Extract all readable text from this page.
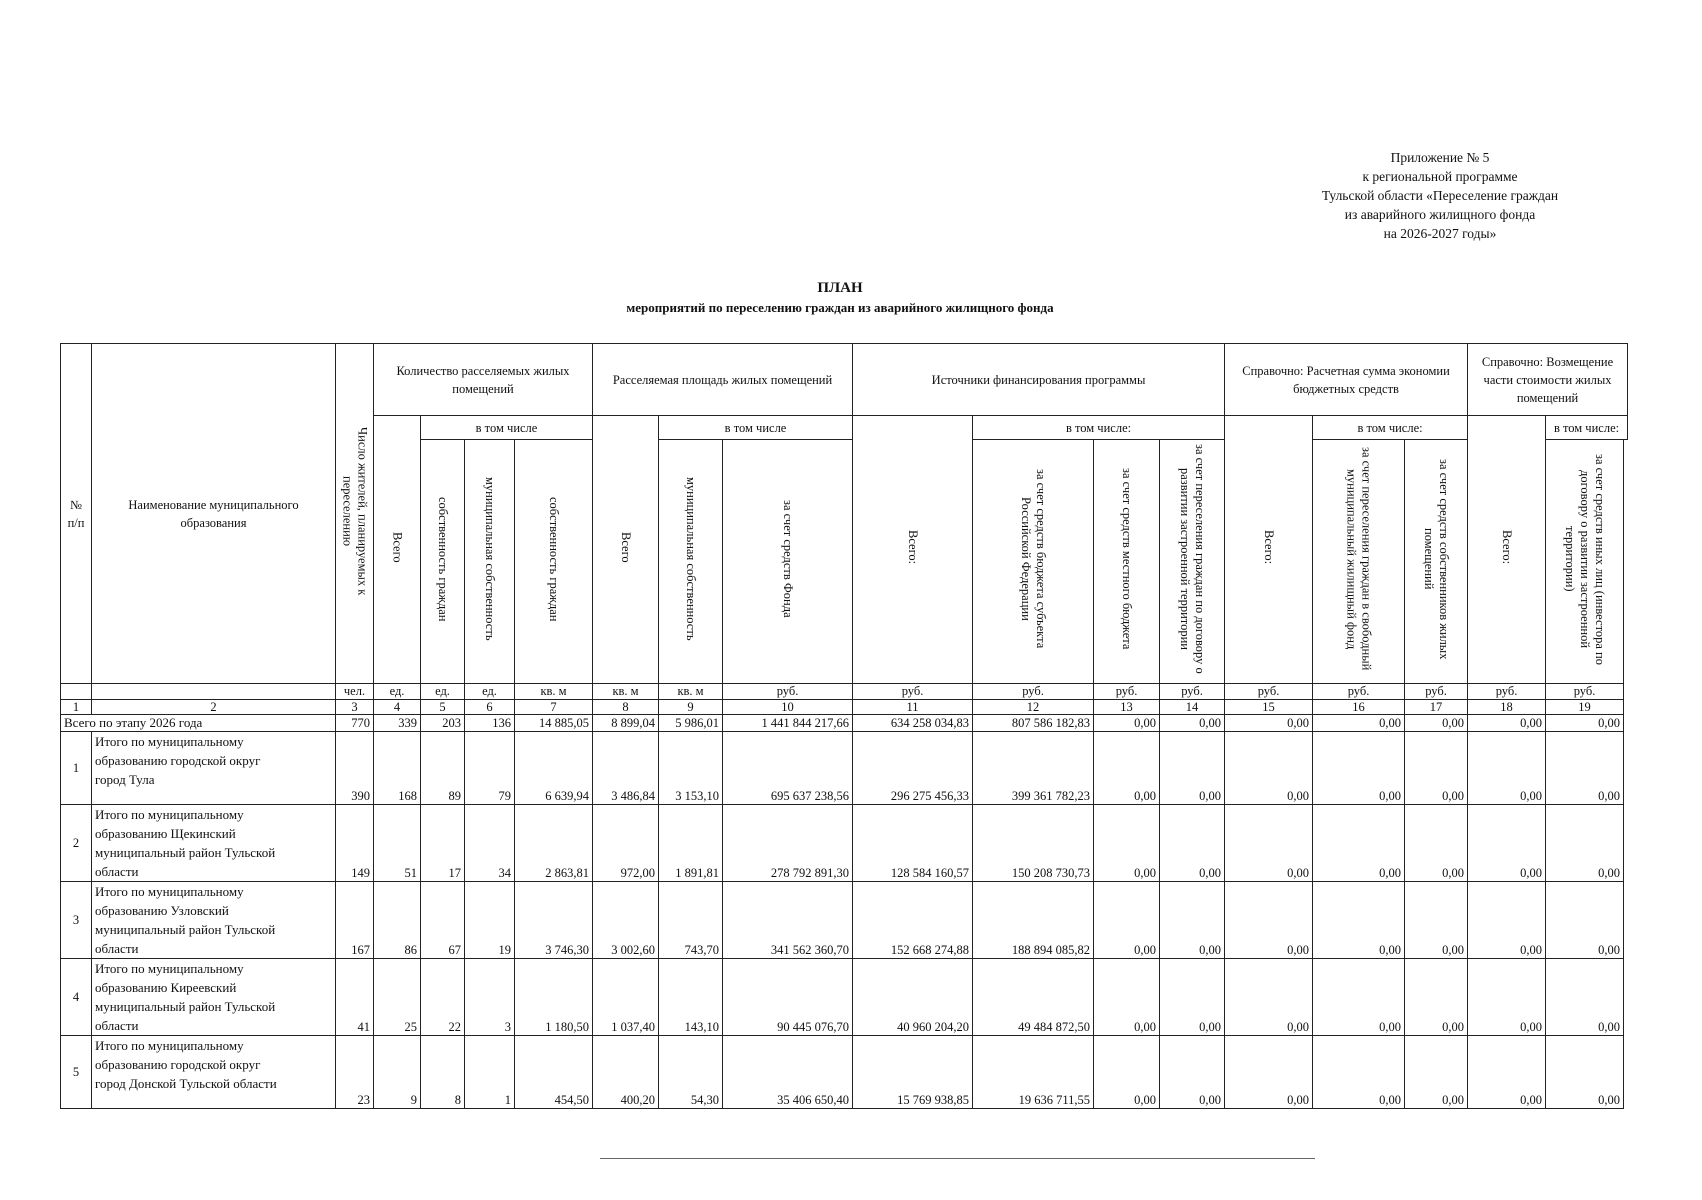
Приложение № 5
к региональной программе
Тульской области «Переселение граждан
из аварийного жилищного фонда
на 2026-2027 годы»
ПЛАН
мероприятий по переселению граждан из аварийного жилищного фонда
№ п/п	Наименование муниципального образования	Число жителей, планируемых к переселению	Количество расселяемых жилых помещений				Расселяемая площадь жилых помещений			Источники финансирования программы				Справочно: Расчетная сумма экономии бюджетных средств			Справочно: Возмещение части стоимости жилых помещений	
			Всего	в том числе			Всего	в том числе		Всего:	в том числе:			Всего:	в том числе:		Всего:	в том числе:
				собственность граждан	муниципальная собственность	собственность граждан		муниципальная собственность	за счет средств Фонда		за счет средств бюджета субъекта Российской Федерации	за счет средств местного бюджета	за счет переселения граждан по договору о развитии застроенной территории		за счет переселения граждан в свободный муниципальный жилищный фонд	за счет средств собственников жилых помещений		за счет средств иных лиц (инвестора по договору о развитии застроенной территории)
		чел.	ед.	ед.	ед.	кв. м	кв. м	кв. м	руб.	руб.	руб.	руб.	руб.	руб.	руб.	руб.	руб.	руб.
1	2	3	4	5	6	7	8	9	10	11	12	13	14	15	16	17	18	19
Всего по этапу 2026 года		770	339	203	136	14 885,05	8 899,04	5 986,01	1 441 844 217,66	634 258 034,83	807 586 182,83	0,00	0,00	0,00	0,00	0,00	0,00	0,00
1	Итого по муниципальному
образованию городской округ
город Тула	390	168	89	79	6 639,94	3 486,84	3 153,10	695 637 238,56	296 275 456,33	399 361 782,23	0,00	0,00	0,00	0,00	0,00	0,00	0,00
2	Итого по муниципальному
образованию Щекинский
муниципальный район Тульской
области	149	51	17	34	2 863,81	972,00	1 891,81	278 792 891,30	128 584 160,57	150 208 730,73	0,00	0,00	0,00	0,00	0,00	0,00	0,00
3	Итого по муниципальному
образованию Узловский
муниципальный район Тульской
области	167	86	67	19	3 746,30	3 002,60	743,70	341 562 360,70	152 668 274,88	188 894 085,82	0,00	0,00	0,00	0,00	0,00	0,00	0,00
4	Итого по муниципальному
образованию Киреевский
муниципальный район Тульской
области	41	25	22	3	1 180,50	1 037,40	143,10	90 445 076,70	40 960 204,20	49 484 872,50	0,00	0,00	0,00	0,00	0,00	0,00	0,00
5	Итого по муниципальному
образованию городской округ
город Донской Тульской области	23	9	8	1	454,50	400,20	54,30	35 406 650,40	15 769 938,85	19 636 711,55	0,00	0,00	0,00	0,00	0,00	0,00	0,00
